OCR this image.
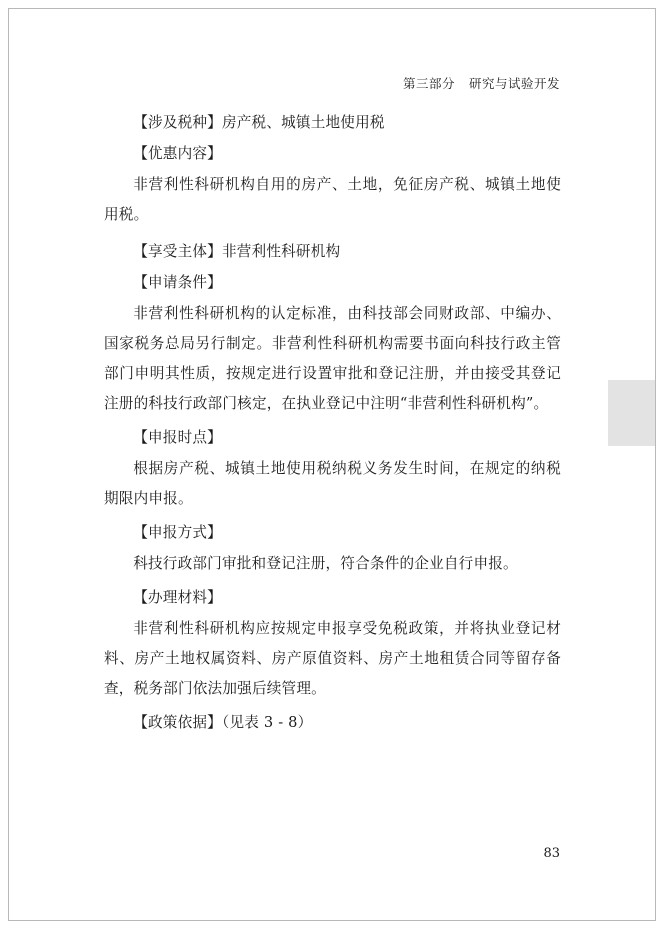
第三部分 研究与试验开发

【涉及税种】房产税、城镇土地使用税

【优惠内容】

非营利性科研机构自用的房产、土地，免征房产税、城镇土地使用税。

【享受主体】非营利性科研机构

【申请条件】

非营利性科研机构的认定标准，由科技部会同财政部、中编办、国家税务总局另行制定。非营利性科研机构需要书面向科技行政主管部门申明其性质，按规定进行设置审批和登记注册，并由接受其登记注册的科技行政部门核定，在执业登记中注明“非营利性科研机构”。

【申报时点】

根据房产税、城镇土地使用税纳税义务发生时间，在规定的纳税期限内申报。

【申报方式】

科技行政部门审批和登记注册，符合条件的企业自行申报。

【办理材料】

非营利性科研机构应按规定申报享受免税政策，并将执业登记材料、房产土地权属资料、房产原值资料、房产土地租赁合同等留存备查，税务部门依法加强后续管理。

【政策依据】（见表 3 - 8）

83
